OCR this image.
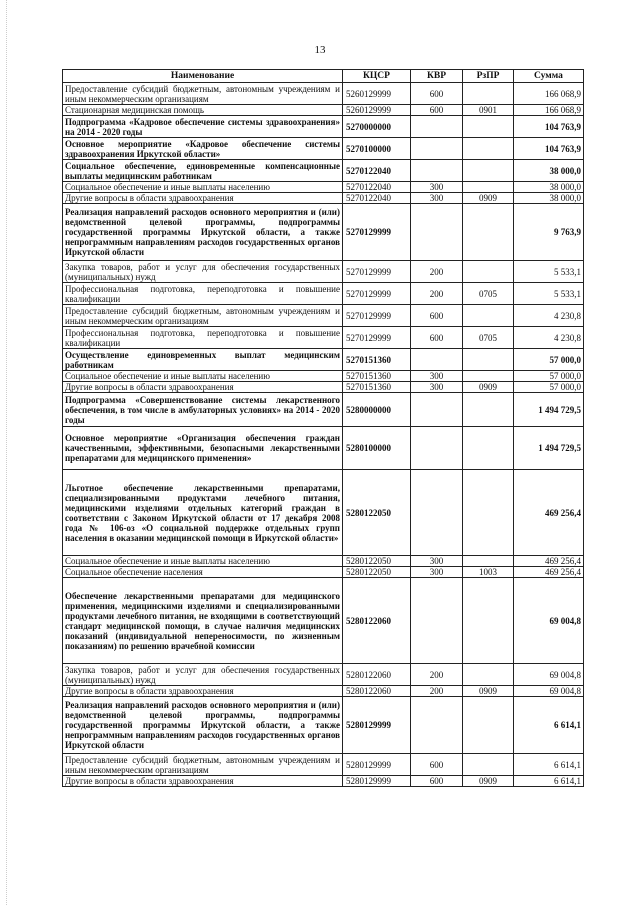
13
Наименование	КЦСР	КВР	РзПР	Сумма
Предоставление субсидий бюджетным, автономным учреждениям и иным некоммерческим организациям	5260129999	600		166 068,9
Стационарная медицинская помощь	5260129999	600	0901	166 068,9
Подпрограмма «Кадровое обеспечение системы здравоохранения» на 2014 - 2020 годы	5270000000			104 763,9
Основное мероприятие «Кадровое обеспечение системы здравоохранения Иркутской области»	5270100000			104 763,9
Социальное обеспечение, единовременные компенсационные выплаты медицинским работникам	5270122040			38 000,0
Социальное обеспечение и иные выплаты населению	5270122040	300		38 000,0
Другие вопросы в области здравоохранения	5270122040	300	0909	38 000,0
Реализация направлений расходов основного мероприятия и (или) ведомственной целевой программы, подпрограммы государственной программы Иркутской области, а также непрограммным направлениям расходов государственных органов Иркутской области	5270129999			9 763,9
Закупка товаров, работ и услуг для обеспечения государственных (муниципальных) нужд	5270129999	200		5 533,1
Профессиональная подготовка, переподготовка и повышение квалификации	5270129999	200	0705	5 533,1
Предоставление субсидий бюджетным, автономным учреждениям и иным некоммерческим организациям	5270129999	600		4 230,8
Профессиональная подготовка, переподготовка и повышение квалификации	5270129999	600	0705	4 230,8
Осуществление единовременных выплат медицинским работникам	5270151360			57 000,0
Социальное обеспечение и иные выплаты населению	5270151360	300		57 000,0
Другие вопросы в области здравоохранения	5270151360	300	0909	57 000,0
Подпрограмма «Совершенствование системы лекарственного обеспечения, в том числе в амбулаторных условиях» на 2014 - 2020 годы	5280000000			1 494 729,5
Основное мероприятие «Организация обеспечения граждан качественными, эффективными, безопасными лекарственными препаратами для медицинского применения»	5280100000			1 494 729,5
Льготное обеспечение лекарственными препаратами, специализированными продуктами лечебного питания, медицинскими изделиями отдельных категорий граждан в соответствии с Законом Иркутской области от 17 декабря 2008 года № 106-оз «О социальной поддержке отдельных групп населения в оказании медицинской помощи в Иркутской области»	5280122050			469 256,4
Социальное обеспечение и иные выплаты населению	5280122050	300		469 256,4
Социальное обеспечение населения	5280122050	300	1003	469 256,4
Обеспечение лекарственными препаратами для медицинского применения, медицинскими изделиями и специализированными продуктами лечебного питания, не входящими в соответствующий стандарт медицинской помощи, в случае наличия медицинских показаний (индивидуальной непереносимости, по жизненным показаниям) по решению врачебной комиссии	5280122060			69 004,8
Закупка товаров, работ и услуг для обеспечения государственных (муниципальных) нужд	5280122060	200		69 004,8
Другие вопросы в области здравоохранения	5280122060	200	0909	69 004,8
Реализация направлений расходов основного мероприятия и (или) ведомственной целевой программы, подпрограммы государственной программы Иркутской области, а также непрограммным направлениям расходов государственных органов Иркутской области	5280129999			6 614,1
Предоставление субсидий бюджетным, автономным учреждениям и иным некоммерческим организациям	5280129999	600		6 614,1
Другие вопросы в области здравоохранения	5280129999	600	0909	6 614,1
